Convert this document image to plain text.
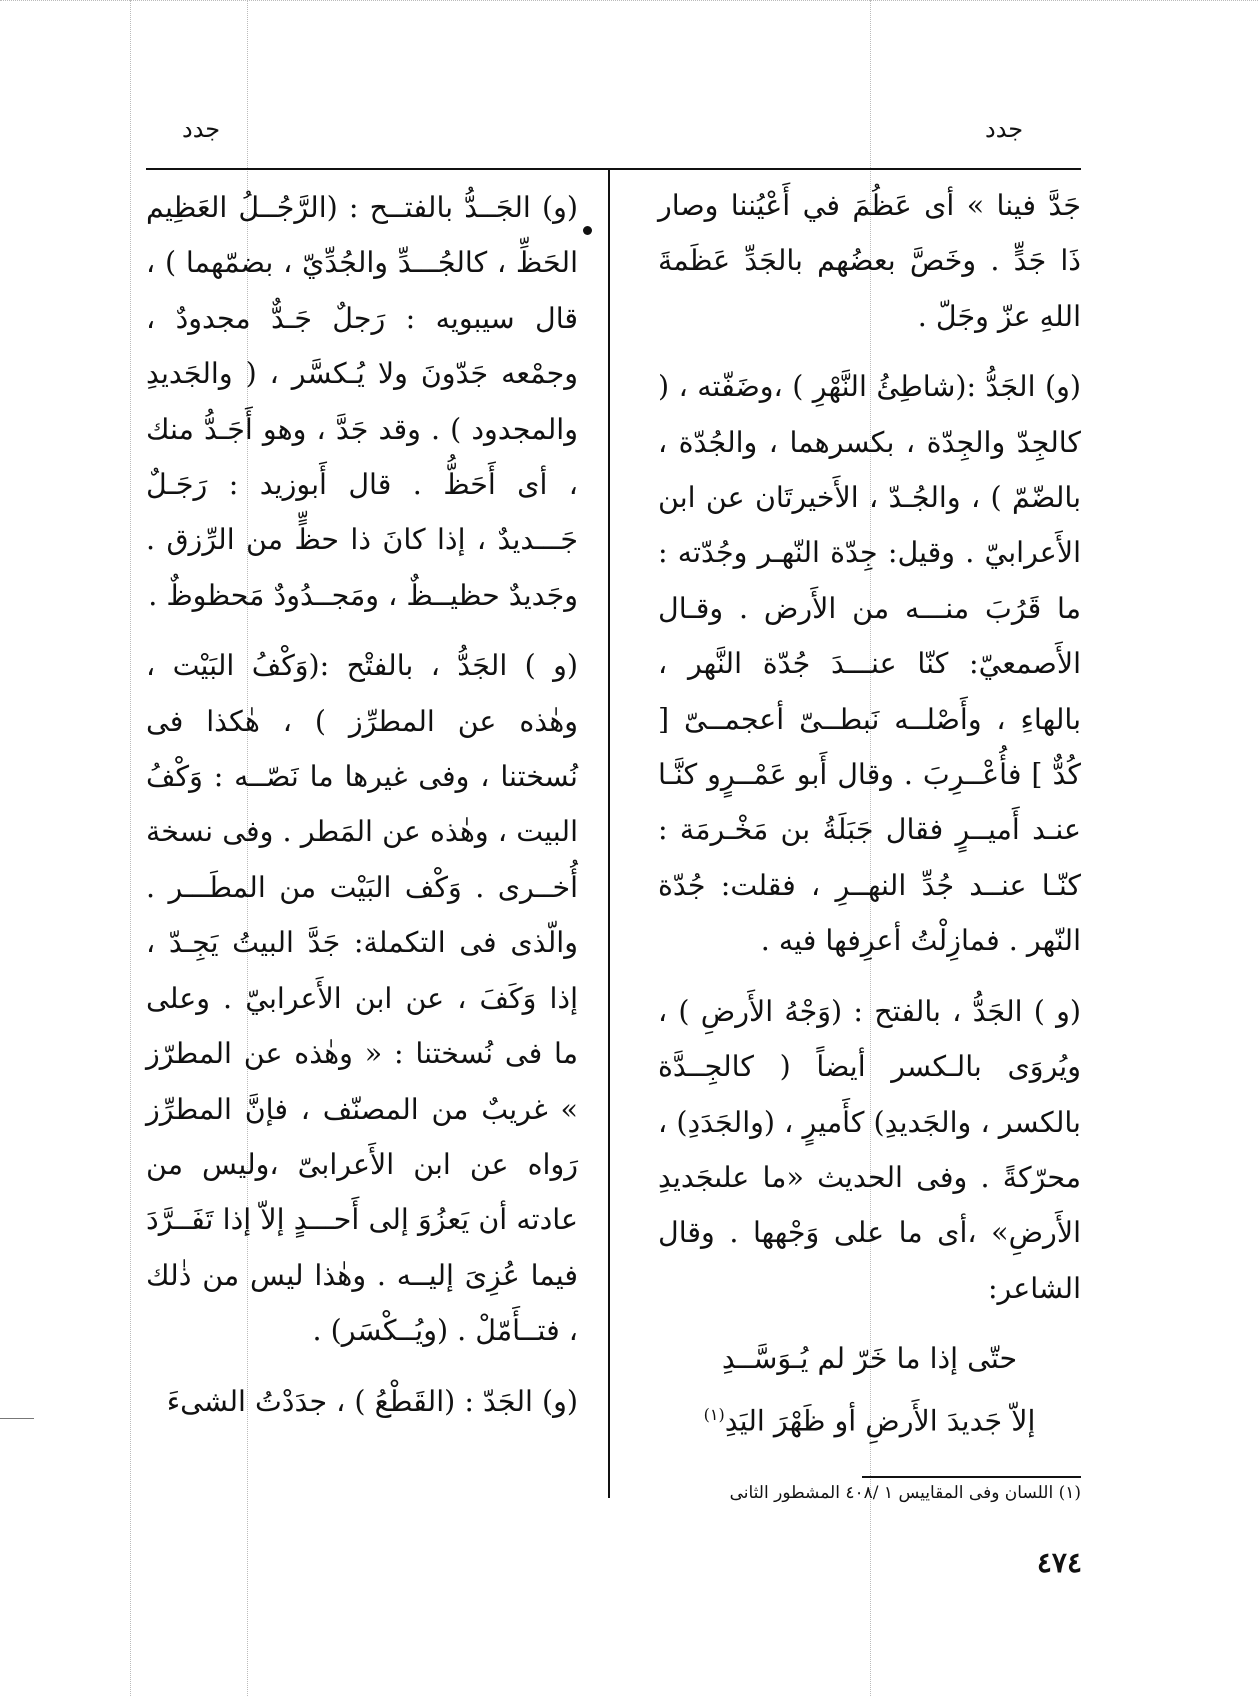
جدد
جدد

جَدَّ فينا » أى عَظُمَ في أَعْيُننا وصار ذَا جَدٍّ . وخَصَّ بعضُهم بالجَدِّ عَظَمةَ اللهِ عزّ وجَلّ .

(و) الجَدُّ :(شاطِئُ النَّهْرِ ) ،وضَفّته ، ( كالجِدّ والجِدّة ، بكسرهما ، والجُدّة ، بالضّمّ ) ، والجُـدّ ، الأَخيرتَان عن ابن الأَعرابيّ . وقيل: جِدّة النّهـر وجُدّته : ما قَرُبَ منـــه من الأَرض . وقـال الأَصمعيّ: كنّا عنـــدَ جُدّة النَّهر ، بالهاءِ ، وأَصْلــه نَبطــىّ أعجمــىّ [ كُدٌّ ] فأُعْــرِبَ . وقال أَبو عَمْــرٍو كنَّـا عنـد أَميــرٍ فقال جَبَلَةُ بن مَخْـرمَة : كنّـا عنــد جُدِّ النهــرِ ، فقلت: جُدّة النّهر . فمازِلْتُ أعرِفها فيه .

(و ) الجَدُّ ، بالفتح : (وَجْهُ الأَرضِ ) ، ويُروَى بالـكسر أيضاً ( كالجِــدَّة بالكسر ، والجَديدِ) كأَميرٍ ، (والجَدَدِ) ، محرّكةً . وفى الحديث «ما علىجَديدِ الأَرضِ» ،أى ما على وَجْهها . وقال الشاعر:

حتّى إذا ما خَرّ لم يُـوَسَّــدِ
إلاّ جَديدَ الأَرضِ أو ظَهْرَ اليَدِ$^{(١)}$

(و) الجَــدُّ بالفتــح : (الرَّجُــلُ العَظِيم الحَظِّ ، كالجُـــدِّ والجُدِّيّ ، بضمّهما ) ، قال سيبويه : رَجلٌ جَـدٌّ مجدودٌ ، وجمْعه جَدّونَ ولا يُـكسَّر ، ( والجَديدِ والمجدود ) . وقد جَدَّ ، وهو أَجَـدُّ منك ، أى أَحَظُّ . قال أَبوزيد : رَجَـلٌ جَـــديدٌ ، إذا كانَ ذا حظٍّ من الرِّزق . وجَديدٌ حظيــظٌ ، ومَجــدُودٌ مَحظوظٌ .

(و ) الجَدُّ ، بالفتْح :(وَكْفُ البَيْت ، وهٰذه عن المطرِّز ) ، هٰكذا فى نُسختنا ، وفى غيرها ما نَصّــه : وَكْفُ البيت ، وهٰذه عن المَطر . وفى نسخة أُخــرى . وَكْف البَيْت من المطَـــر . والّذى فى التكملة: جَدَّ البيتُ يَجِـدّ ، إذا وَكَفَ ، عن ابن الأَعرابيّ . وعلى ما فى نُسختنا : « وهٰذه عن المطرّز » غريبٌ من المصنّف ، فإنَّ المطرِّز رَواه عن ابن الأَعرابىّ ،وليس من عادته أن يَعزُوَ إلى أَحـــدٍ إلاّ إذا تَفَــرَّدَ فيما عُزِىَ إليــه . وهٰذا ليس من ذٰلك ، فتــأَمّلْ . (ويُــكْسَر) .

(و) الجَدّ : (القَطْعُ ) ، جدَدْتُ الشىءَ

(١) اللسان وفى المقاييس ١ /٤٠٨ المشطور الثانى
٤٧٤
